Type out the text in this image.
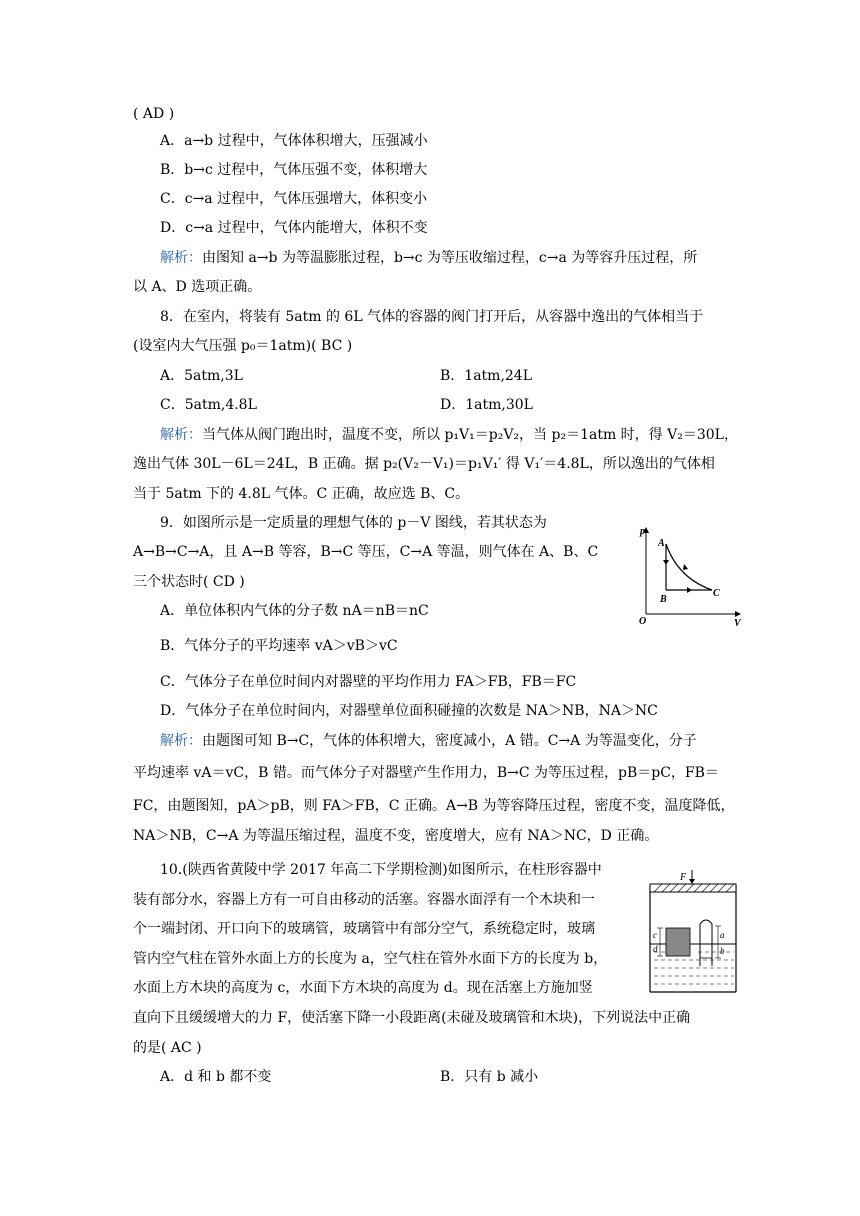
( AD )
A．a→b 过程中，气体体积增大，压强减小
B．b→c 过程中，气体压强不变，体积增大
C．c→a 过程中，气体压强增大，体积变小
D．c→a 过程中，气体内能增大，体积不变
解析：由图知 a→b 为等温膨胀过程，b→c 为等压收缩过程，c→a 为等容升压过程，所
以 A、D 选项正确。
8．在室内，将装有 5atm 的 6L 气体的容器的阀门打开后，从容器中逸出的气体相当于
(设室内大气压强 p₀＝1atm)( BC )
A．5atm,3L	B．1atm,24L
C．5atm,4.8L	D．1atm,30L
解析：当气体从阀门跑出时，温度不变，所以 p₁V₁＝p₂V₂，当 p₂＝1atm 时，得 V₂＝30L，
逸出气体 30L－6L＝24L，B 正确。据 p₂(V₂－V₁)＝p₁V₁′ 得 V₁′＝4.8L，所以逸出的气体相
当于 5atm 下的 4.8L 气体。C 正确，故应选 B、C。
9．如图所示是一定质量的理想气体的 p－V 图线，若其状态为
A→B→C→A，且 A→B 等容，B→C 等压，C→A 等温，则气体在 A、B、C
三个状态时( CD )
A．单位体积内气体的分子数 nA＝nB＝nC
B．气体分子的平均速率 vA＞vB＞vC
C．气体分子在单位时间内对器壁的平均作用力 FA＞FB，FB＝FC
D．气体分子在单位时间内，对器壁单位面积碰撞的次数是 NA＞NB，NA＞NC
解析：由题图可知 B→C，气体的体积增大，密度减小，A 错。C→A 为等温变化，分子
平均速率 vA＝vC，B 错。而气体分子对器壁产生作用力，B→C 为等压过程，pB＝pC，FB＝
FC，由题图知，pA＞pB，则 FA＞FB，C 正确。A→B 为等容降压过程，密度不变，温度降低，
NA＞NB，C→A 为等温压缩过程，温度不变，密度增大，应有 NA＞NC，D 正确。
p
V
O
A
B
C
10.(陕西省黄陵中学 2017 年高二下学期检测)如图所示，在柱形容器中
装有部分水，容器上方有一可自由移动的活塞。容器水面浮有一个木块和一
个一端封闭、开口向下的玻璃管，玻璃管中有部分空气，系统稳定时，玻璃
管内空气柱在管外水面上方的长度为 a，空气柱在管外水面下方的长度为 b，
水面上方木块的高度为 c，水面下方木块的高度为 d。现在活塞上方施加竖
直向下且缓缓增大的力 F，使活塞下降一小段距离(未碰及玻璃管和木块)，下列说法中正确
的是( AC )
A．d 和 b 都不变	B．只有 b 减小
F
a
b
c
d
